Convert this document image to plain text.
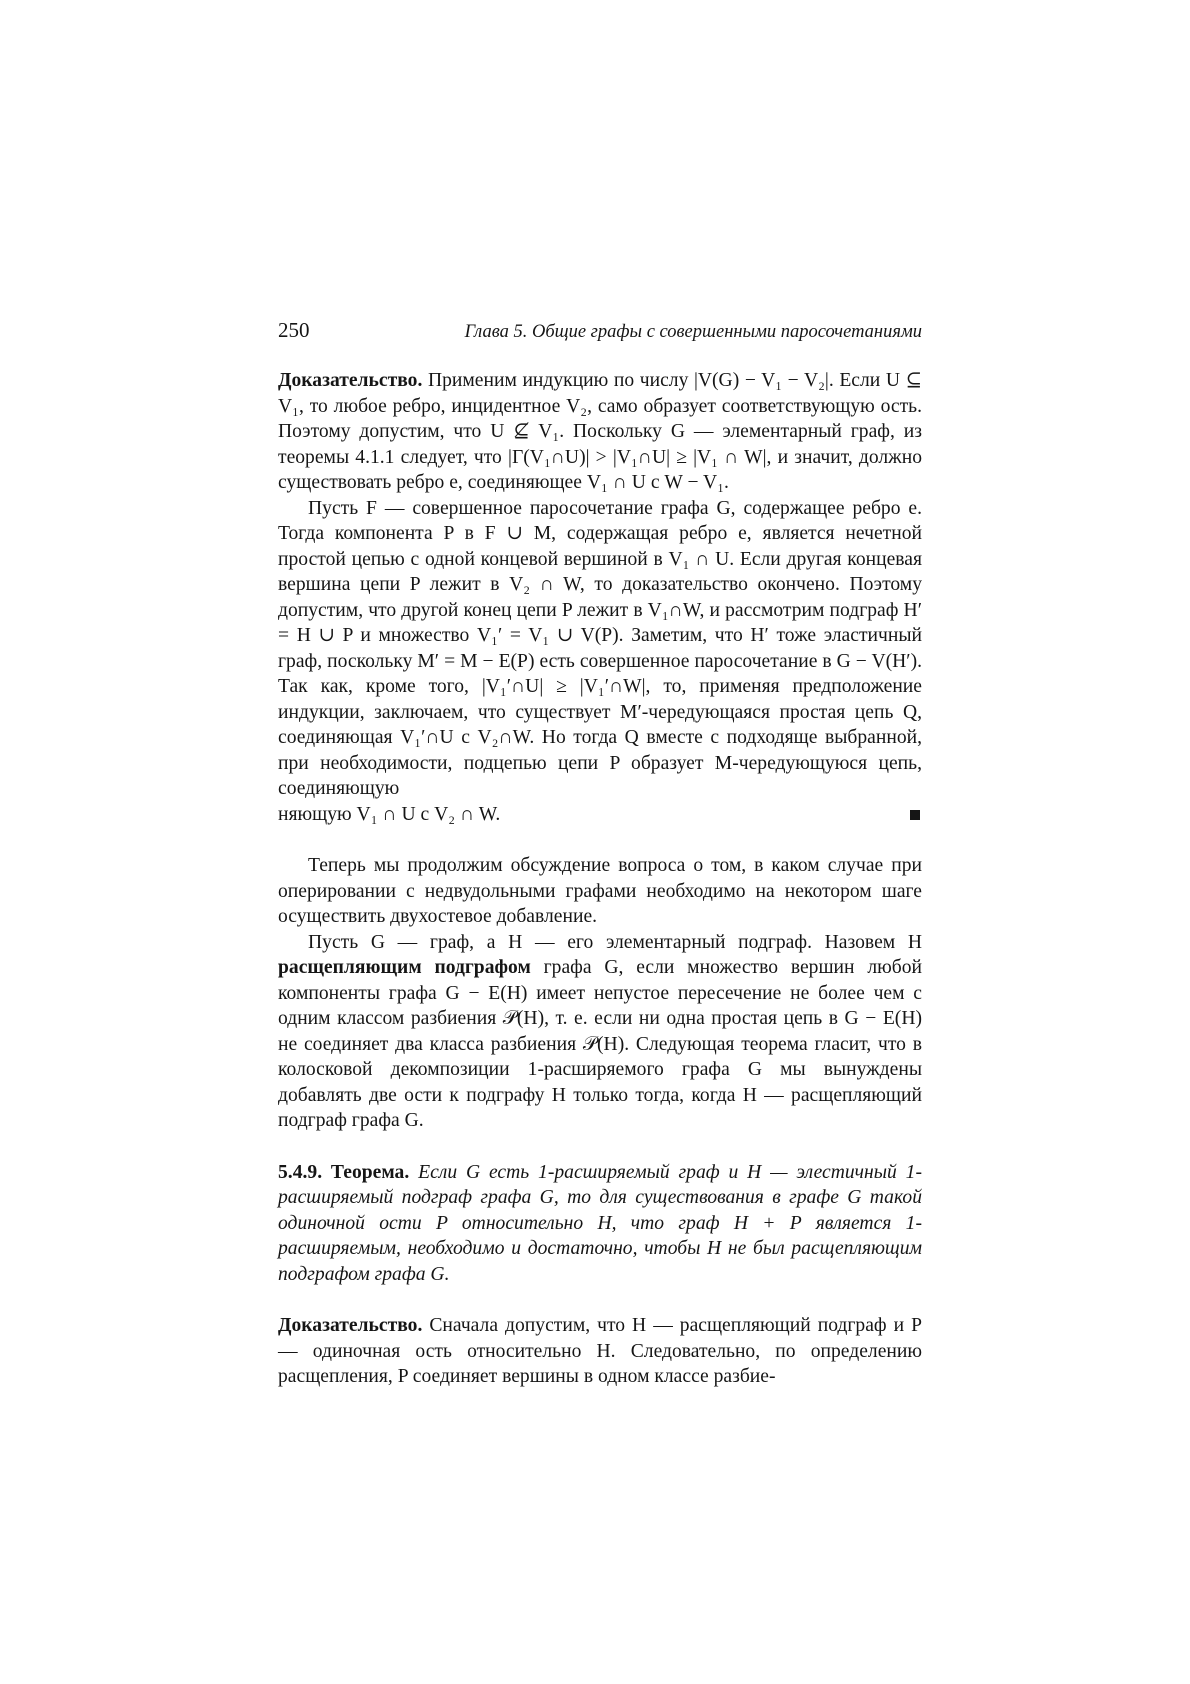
250	Глава 5. Общие графы с совершенными паросочетаниями

Доказательство. Применим индукцию по числу |V(G) − V₁ − V₂|. Если U ⊆ V₁, то любое ребро, инцидентное V₂, само образует соответствующую ость. Поэтому допустим, что U ⊈ V₁. Поскольку G — элементарный граф, из теоремы 4.1.1 следует, что |Γ(V₁∩U)| > |V₁∩U| ≥ |V₁ ∩ W|, и значит, должно существовать ребро e, соединяющее V₁ ∩ U с W − V₁.

Пусть F — совершенное паросочетание графа G, содержащее ребро e. Тогда компонента P в F ∪ M, содержащая ребро e, является нечетной простой цепью с одной концевой вершиной в V₁ ∩ U. Если другая концевая вершина цепи P лежит в V₂ ∩ W, то доказательство окончено. Поэтому допустим, что другой конец цепи P лежит в V₁∩W, и рассмотрим подграф H′ = H ∪ P и множество V₁′ = V₁ ∪ V(P). Заметим, что H′ тоже эластичный граф, поскольку M′ = M − E(P) есть совершенное паросочетание в G − V(H′). Так как, кроме того, |V₁′∩U| ≥ |V₁′∩W|, то, применяя предположение индукции, заключаем, что существует M′-чередующаяся простая цепь Q, соединяющая V₁′∩U с V₂∩W. Но тогда Q вместе с подходяще выбранной, при необходимости, подцепью цепи P образует M-чередующуюся цепь, соединяющую

няющую V₁ ∩ U с V₂ ∩ W.

Теперь мы продолжим обсуждение вопроса о том, в каком случае при оперировании с недвудольными графами необходимо на некотором шаге осуществить двухостевое добавление.

Пусть G — граф, а H — его элементарный подграф. Назовем H расщепляющим подграфом графа G, если множество вершин любой компоненты графа G − E(H) имеет непустое пересечение не более чем с одним классом разбиения 𝒫(H), т. е. если ни одна простая цепь в G − E(H) не соединяет два класса разбиения 𝒫(H). Следующая теорема гласит, что в колосковой декомпозиции 1-расширяемого графа G мы вынуждены добавлять две ости к подграфу H только тогда, когда H — расщепляющий подграф графа G.

5.4.9. Теорема. Если G есть 1-расширяемый граф и H — элестичный 1-расширяемый подграф графа G, то для существования в графе G такой одиночной ости P относительно H, что граф H + P является 1-расширяемым, необходимо и достаточно, чтобы H не был расщепляющим подграфом графа G.

Доказательство. Сначала допустим, что H — расщепляющий подграф и P — одиночная ость относительно H. Следовательно, по определению расщепления, P соединяет вершины в одном классе разбие-
